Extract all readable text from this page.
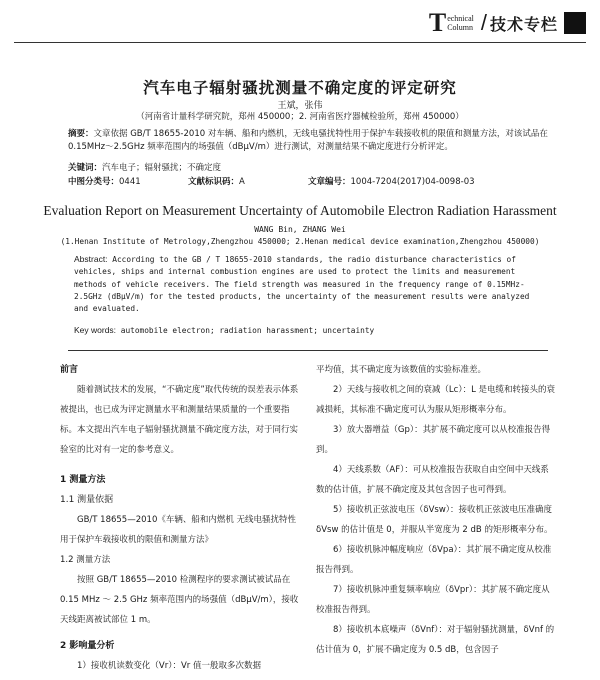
T echnical
Column / 技术专栏
汽车电子辐射骚扰测量不确定度的评定研究
王斌，张伟
（河南省计量科学研究院，郑州 450000；2. 河南省医疗器械检验所，郑州 450000）
摘要：文章依据 GB/T 18655-2010 对车辆、船和内燃机，无线电骚扰特性用于保护车载接收机的限值和测量方法，对该试品在 0.15MHz～2.5GHz 频率范围内的场强值（dBμV/m）进行测试，对测量结果不确定度进行分析评定。
关键词：汽车电子；辐射骚扰；不确定度
中图分类号：0441	文献标识码：A	文章编号：1004-7204(2017)04-0098-03
Evaluation Report on Measurement Uncertainty of Automobile Electron Radiation Harassment
WANG Bin, ZHANG Wei
(1.Henan Institute of Metrology,Zhengzhou 450000; 2.Henan medical device examination,Zhengzhou 450000)
Abstract: According to the GB / T 18655-2010 standards, the radio disturbance characteristics of vehicles, ships and internal combustion engines are used to protect the limits and measurement methods of vehicle receivers. The field strength was measured in the frequency range of 0.15MHz-2.5GHz (dBμV/m) for the tested products, the uncertainty of the measurement results were analyzed and evaluated.
Key words: automobile electron; radiation harassment; uncertainty

前言

随着测试技术的发展，“不确定度”取代传统的误差表示体系被提出，也已成为评定测量水平和测量结果质量的一个重要指标。本文提出汽车电子辐射骚扰测量不确定度方法，对于同行实验室的比对有一定的参考意义。

1 测量方法

1.1 测量依据

GB/T 18655—2010《车辆、船和内燃机 无线电骚扰特性 用于保护车载接收机的限值和测量方法》

1.2 测量方法

按照 GB/T 18655—2010 检测程序的要求测试被试品在 0.15 MHz ～ 2.5 GHz 频率范围内的场强值（dBμV/m），接收天线距离被试部位 1 m。

2 影响量分析

1）接收机读数变化（Vr）：Vr 值一般取多次数据

平均值，其不确定度为该数值的实验标准差。

2）天线与接收机之间的衰减（Lc）：L 是电缆和转接头的衰减损耗，其标准不确定度可认为服从矩形概率分布。

3）放大器增益（Gp）：其扩展不确定度可以从校准报告得到。

4）天线系数（AF）：可从校准报告获取自由空间中天线系数的估计值，扩展不确定度及其包含因子也可得到。

5）接收机正弦波电压（δVsw）：接收机正弦波电压准确度 δVsw 的估计值是 0，并服从半宽度为 2 dB 的矩形概率分布。

6）接收机脉冲幅度响应（δVpa）：其扩展不确定度从校准报告得到。

7）接收机脉冲重复频率响应（δVpr）：其扩展不确定度从校准报告得到。

8）接收机本底噪声（δVnf）：对于辐射骚扰测量，δVnf 的估计值为 0，扩展不确定度为 0.5 dB，包含因子
